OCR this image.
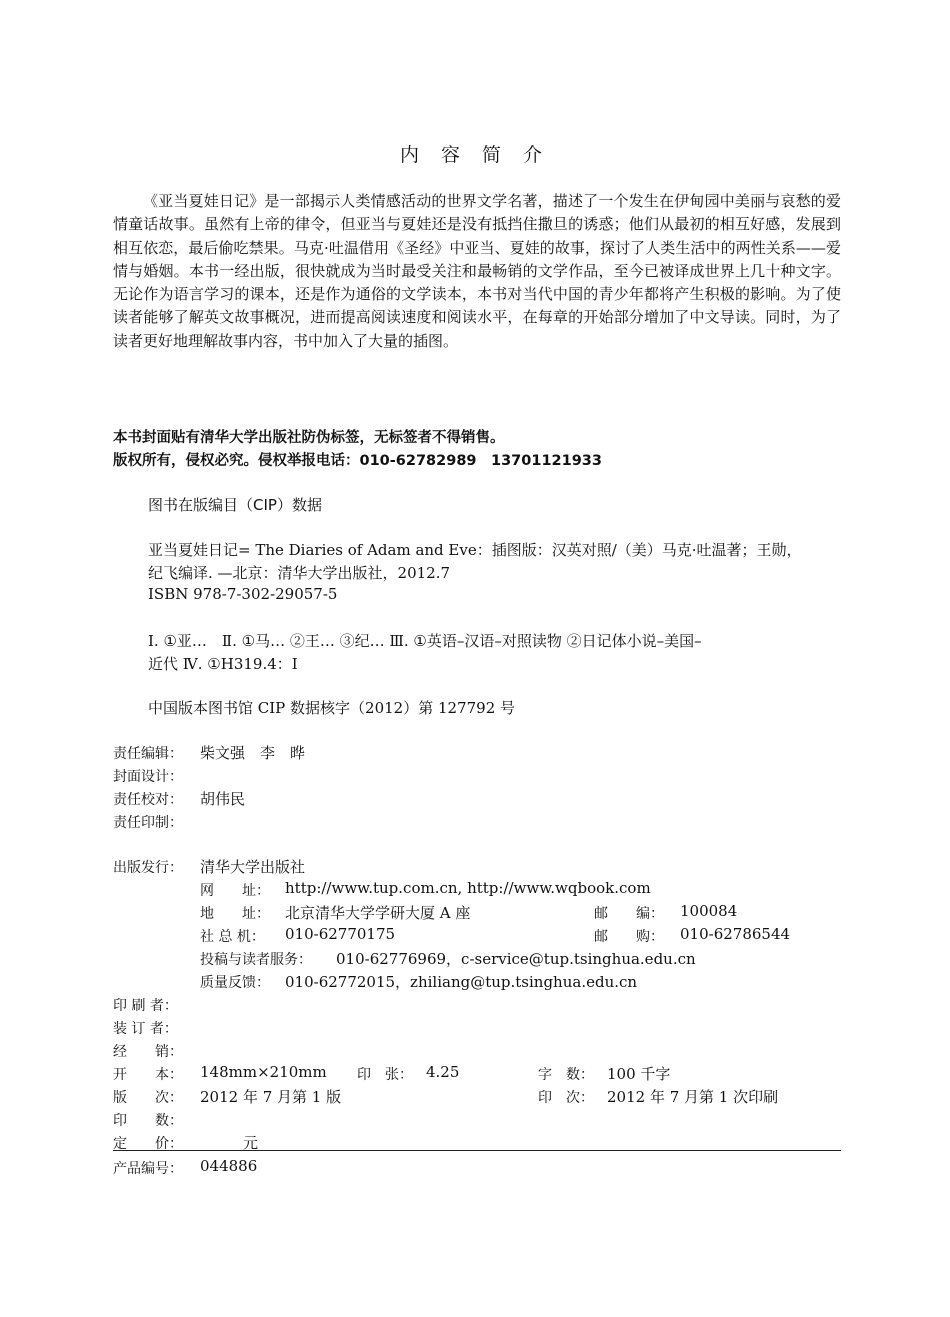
内 容 简 介

《亚当夏娃日记》是一部揭示人类情感活动的世界文学名著，描述了一个发生在伊甸园中美丽与哀愁的爱情童话故事。虽然有上帝的律令，但亚当与夏娃还是没有抵挡住撒旦的诱惑；他们从最初的相互好感，发展到相互依恋，最后偷吃禁果。马克·吐温借用《圣经》中亚当、夏娃的故事，探讨了人类生活中的两性关系——爱情与婚姻。本书一经出版，很快就成为当时最受关注和最畅销的文学作品，至今已被译成世界上几十种文字。无论作为语言学习的课本，还是作为通俗的文学读本，本书对当代中国的青少年都将产生积极的影响。为了使读者能够了解英文故事概况，进而提高阅读速度和阅读水平，在每章的开始部分增加了中文导读。同时，为了读者更好地理解故事内容，书中加入了大量的插图。

本书封面贴有清华大学出版社防伪标签，无标签者不得销售。
版权所有，侵权必究。侵权举报电话：010-62782989　13701121933
图书在版编目（CIP）数据
亚当夏娃日记= The Diaries of Adam and Eve：插图版：汉英对照/（美）马克·吐温著；王勋，
纪飞编译. —北京：清华大学出版社，2012.7
ISBN 978-7-302-29057-5
Ⅰ. ①亚…　Ⅱ. ①马… ②王… ③纪… Ⅲ. ①英语–汉语–对照读物 ②日记体小说–美国–
近代 Ⅳ. ①H319.4：Ⅰ
中国版本图书馆 CIP 数据核字（2012）第 127792 号
责任编辑： 柴文强　李　晔
封面设计：
责任校对： 胡伟民
责任印制：
出版发行： 清华大学出版社
网　　址： http://www.tup.com.cn, http://www.wqbook.com
地　　址： 北京清华大学学研大厦 A 座	邮　　编： 100084
社 总 机： 010-62770175	邮　　购： 010-62786544
投稿与读者服务： 010-62776969，c-service@tup.tsinghua.edu.cn
质量反馈： 010-62772015，zhiliang@tup.tsinghua.edu.cn
印 刷 者：
装 订 者：
经　　销：
开　　本： 148mm×210mm 印　张： 4.25	字　数： 100 千字
版　　次： 2012 年 7 月第 1 版	印　次： 2012 年 7 月第 1 次印刷
印　　数：
定　　价：	元
产品编号： 044886
